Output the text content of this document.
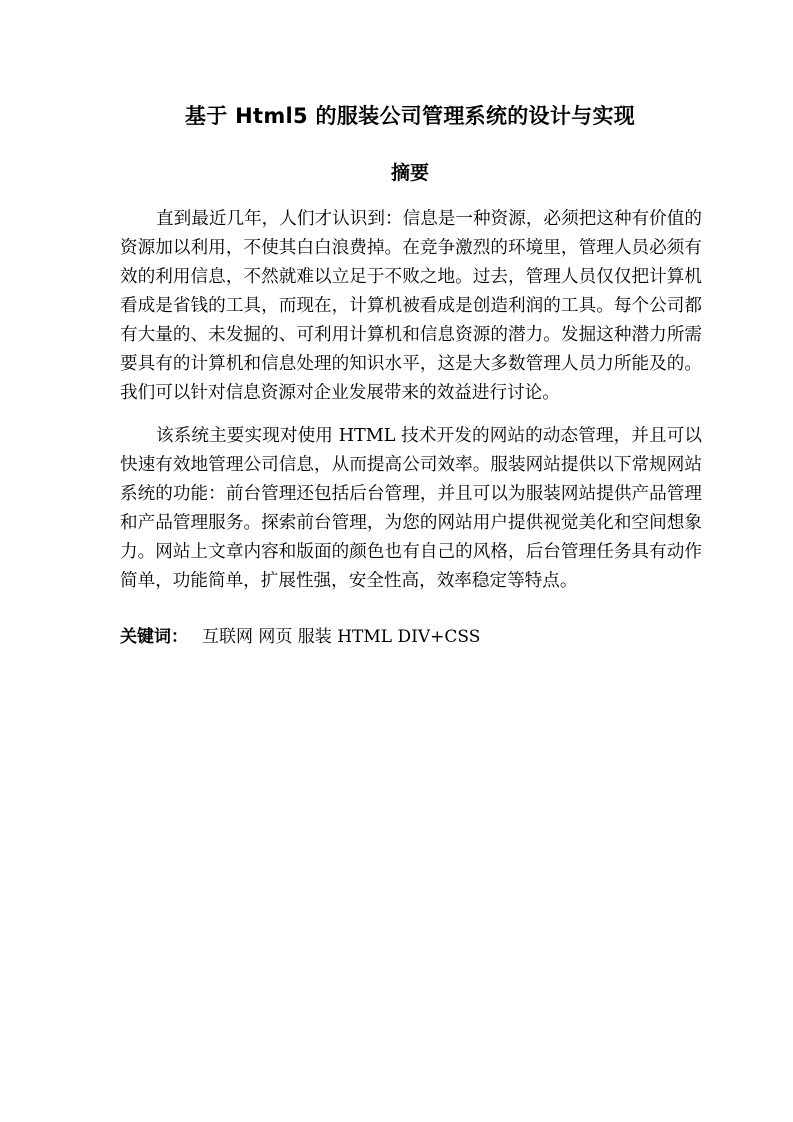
基于 Html5 的服装公司管理系统的设计与实现
摘要

直到最近几年，人们才认识到：信息是一种资源，必须把这种有价值的资源加以利用，不使其白白浪费掉。在竞争激烈的环境里，管理人员必须有效的利用信息，不然就难以立足于不败之地。过去，管理人员仅仅把计算机看成是省钱的工具，而现在，计算机被看成是创造利润的工具。每个公司都有大量的、未发掘的、可利用计算机和信息资源的潜力。发掘这种潜力所需要具有的计算机和信息处理的知识水平，这是大多数管理人员力所能及的。我们可以针对信息资源对企业发展带来的效益进行讨论。

该系统主要实现对使用 HTML 技术开发的网站的动态管理，并且可以快速有效地管理公司信息，从而提高公司效率。服装网站提供以下常规网站系统的功能：前台管理还包括后台管理，并且可以为服装网站提供产品管理和产品管理服务。探索前台管理，为您的网站用户提供视觉美化和空间想象力。网站上文章内容和版面的颜色也有自己的风格，后台管理任务具有动作简单，功能简单，扩展性强，安全性高，效率稳定等特点。

关键词： 互联网 网页 服装 HTML DIV+CSS
